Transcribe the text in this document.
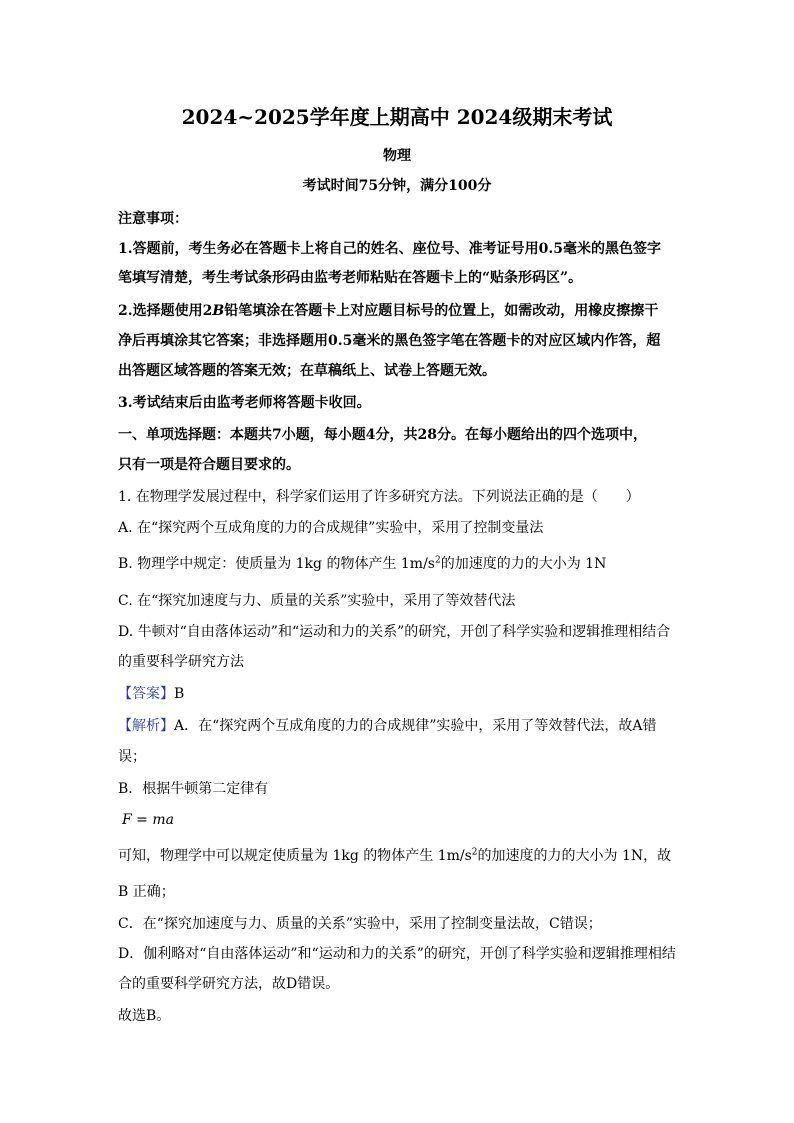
2024~2025学年度上期高中 2024级期末考试
物理
考试时间75分钟，满分100分
注意事项：
1.答题前，考生务必在答题卡上将自己的姓名、座位号、准考证号用0.5毫米的黑色签字
笔填写清楚，考生考试条形码由监考老师粘贴在答题卡上的“贴条形码区”。
2.选择题使用2B铅笔填涂在答题卡上对应题目标号的位置上，如需改动，用橡皮擦擦干
净后再填涂其它答案；非选择题用0.5毫米的黑色签字笔在答题卡的对应区域内作答，超
出答题区域答题的答案无效；在草稿纸上、试卷上答题无效。
3.考试结束后由监考老师将答题卡收回。
一、单项选择题：本题共7小题，每小题4分，共28分。在每小题给出的四个选项中，
只有一项是符合题目要求的。
1. 在物理学发展过程中，科学家们运用了许多研究方法。下列说法正确的是（　　）
A. 在“探究两个互成角度的力的合成规律”实验中，采用了控制变量法
B. 物理学中规定：使质量为 1kg 的物体产生 $1m/s^2$的加速度的力的大小为 1N
C. 在“探究加速度与力、质量的关系”实验中，采用了等效替代法
D. 牛顿对“自由落体运动”和“运动和力的关系”的研究，开创了科学实验和逻辑推理相结合
的重要科学研究方法
【答案】B
【解析】A．在“探究两个互成角度的力的合成规律”实验中，采用了等效替代法，故A错
误；
B．根据牛顿第二定律有
F = ma
可知，物理学中可以规定使质量为 1kg 的物体产生 $1m/s^2$的加速度的力的大小为 1N，故
B 正确；
C．在“探究加速度与力、质量的关系”实验中，采用了控制变量法故，C错误；
D．伽利略对“自由落体运动”和“运动和力的关系”的研究，开创了科学实验和逻辑推理相结
合的重要科学研究方法，故D错误。
故选B。
